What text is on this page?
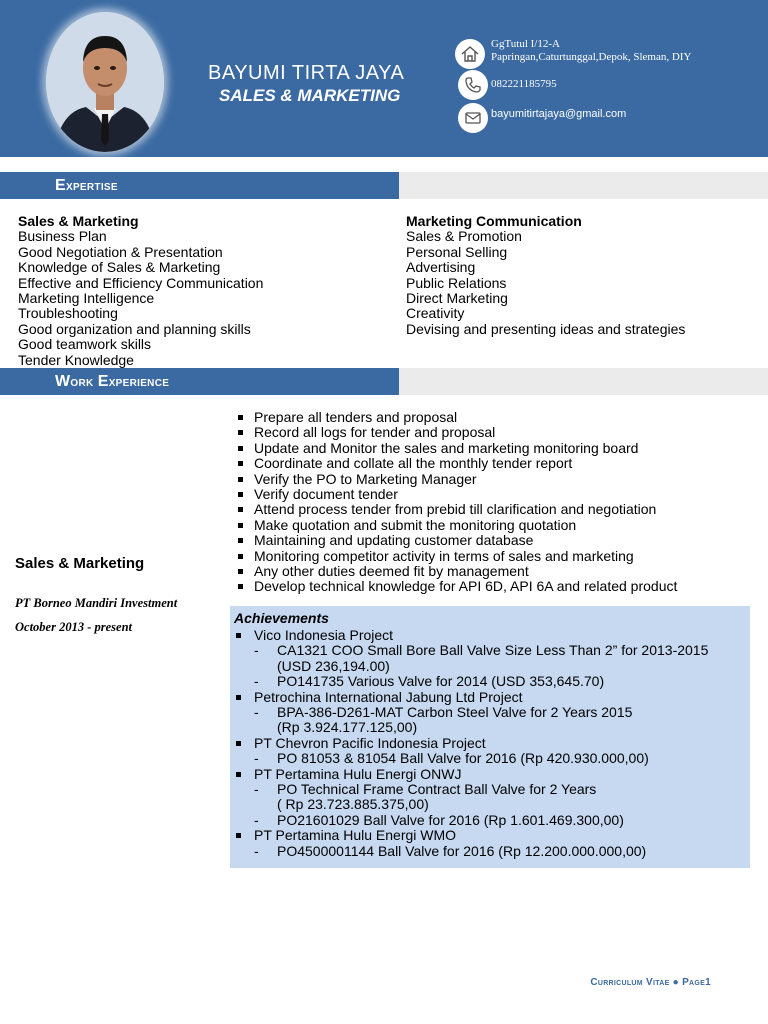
BAYUMI TIRTA JAYA
SALES & MARKETING
GgTutul I/12-A
Papringan,Caturtunggal,Depok, Sleman, DIY
082221185795
bayumitirtajaya@gmail.com
Expertise
Sales & Marketing
Business Plan
Good Negotiation & Presentation
Knowledge of Sales & Marketing
Effective and Efficiency Communication
Marketing Intelligence
Troubleshooting
Good organization and planning skills
Good teamwork skills
Tender Knowledge
Marketing Communication
Sales & Promotion
Personal Selling
Advertising
Public Relations
Direct Marketing
Creativity
Devising and presenting ideas and strategies
Work Experience
Prepare all tenders and proposal
Record all logs for tender and proposal
Update and Monitor the sales and marketing monitoring board
Coordinate and collate all the monthly tender report
Verify the PO to Marketing Manager
Verify document tender
Attend process tender from prebid till clarification and negotiation
Make quotation and submit the monitoring quotation
Maintaining and updating customer database
Monitoring competitor activity in terms of sales and marketing
Any other duties deemed fit by management
Develop technical knowledge for API 6D, API 6A and related product
Sales & Marketing
PT Borneo Mandiri Investment
October 2013 - present
Achievements
Vico Indonesia Project
- CA1321 COO Small Bore Ball Valve Size Less Than 2” for 2013-2015
(USD 236,194.00)
- PO141735 Various Valve for 2014 (USD 353,645.70)
Petrochina International Jabung Ltd Project
- BPA-386-D261-MAT Carbon Steel Valve for 2 Years 2015
(Rp 3.924.177.125,00)
PT Chevron Pacific Indonesia Project
- PO 81053 & 81054 Ball Valve for 2016 (Rp 420.930.000,00)
PT Pertamina Hulu Energi ONWJ
- PO Technical Frame Contract Ball Valve for 2 Years
( Rp 23.723.885.375,00)
- PO21601029 Ball Valve for 2016 (Rp 1.601.469.300,00)
PT Pertamina Hulu Energi WMO
- PO4500001144 Ball Valve for 2016 (Rp 12.200.000.000,00)
Curriculum Vitae ● Page1
